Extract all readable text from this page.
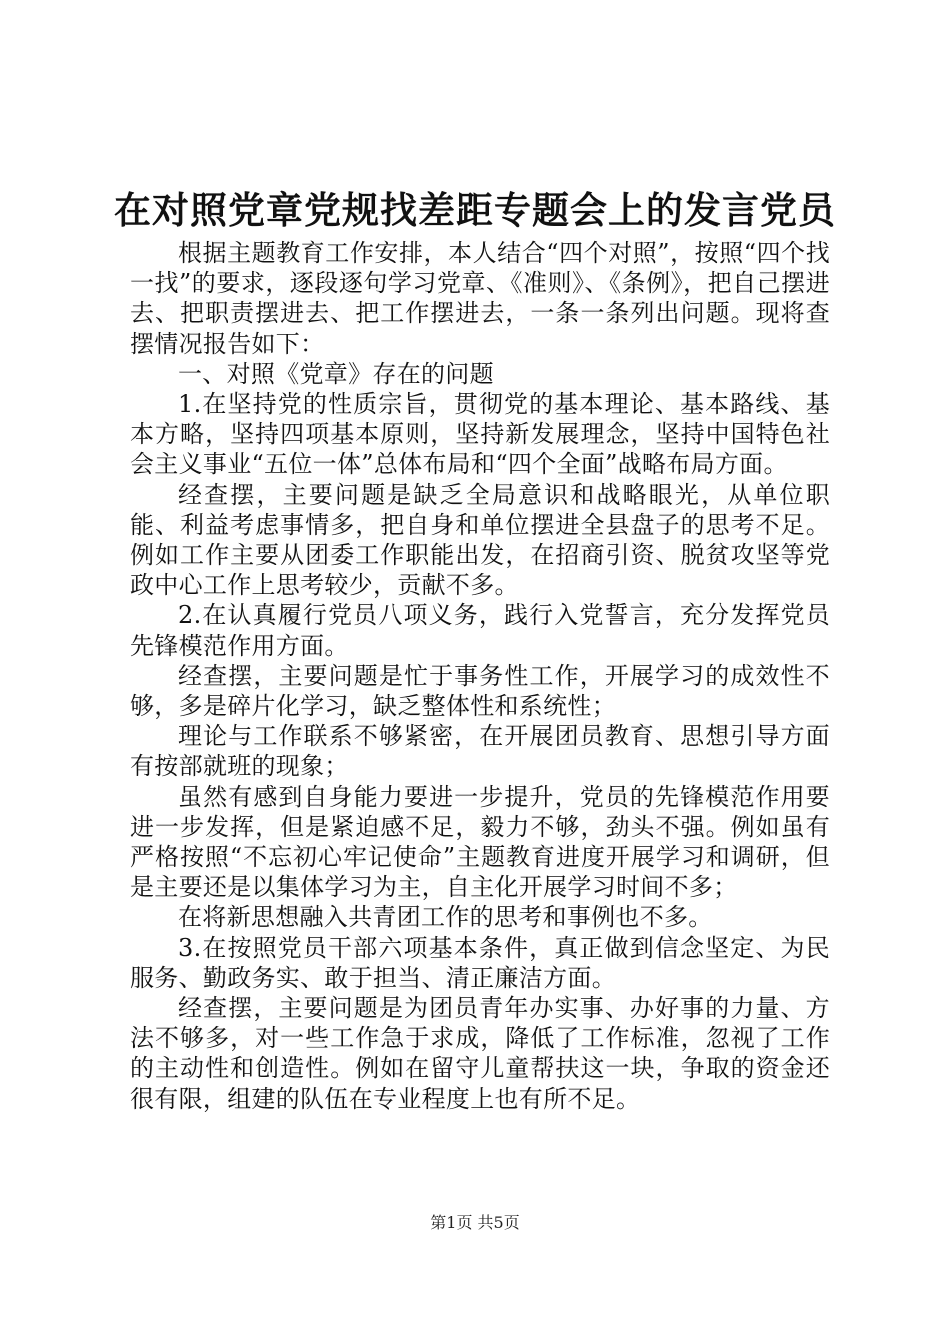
在对照党章党规找差距专题会上的发言党员

根据主题教育工作安排，本人结合“四个对照”，按照“四个找一找”的要求，逐段逐句学习党章、《准则》、《条例》，把自己摆进去、把职责摆进去、把工作摆进去，一条一条列出问题。现将查摆情况报告如下：

一、对照《党章》存在的问题

1.在坚持党的性质宗旨，贯彻党的基本理论、基本路线、基本方略，坚持四项基本原则，坚持新发展理念，坚持中国特色社会主义事业“五位一体”总体布局和“四个全面”战略布局方面。

经查摆，主要问题是缺乏全局意识和战略眼光，从单位职能、利益考虑事情多，把自身和单位摆进全县盘子的思考不足。例如工作主要从团委工作职能出发，在招商引资、脱贫攻坚等党政中心工作上思考较少，贡献不多。

2.在认真履行党员八项义务，践行入党誓言，充分发挥党员先锋模范作用方面。

经查摆，主要问题是忙于事务性工作，开展学习的成效性不够，多是碎片化学习，缺乏整体性和系统性；

理论与工作联系不够紧密，在开展团员教育、思想引导方面有按部就班的现象；

虽然有感到自身能力要进一步提升，党员的先锋模范作用要进一步发挥，但是紧迫感不足，毅力不够，劲头不强。例如虽有严格按照“不忘初心牢记使命”主题教育进度开展学习和调研，但是主要还是以集体学习为主，自主化开展学习时间不多；

在将新思想融入共青团工作的思考和事例也不多。

3.在按照党员干部六项基本条件，真正做到信念坚定、为民服务、勤政务实、敢于担当、清正廉洁方面。

经查摆，主要问题是为团员青年办实事、办好事的力量、方法不够多，对一些工作急于求成，降低了工作标准，忽视了工作的主动性和创造性。例如在留守儿童帮扶这一块，争取的资金还很有限，组建的队伍在专业程度上也有所不足。

第1页 共5页
